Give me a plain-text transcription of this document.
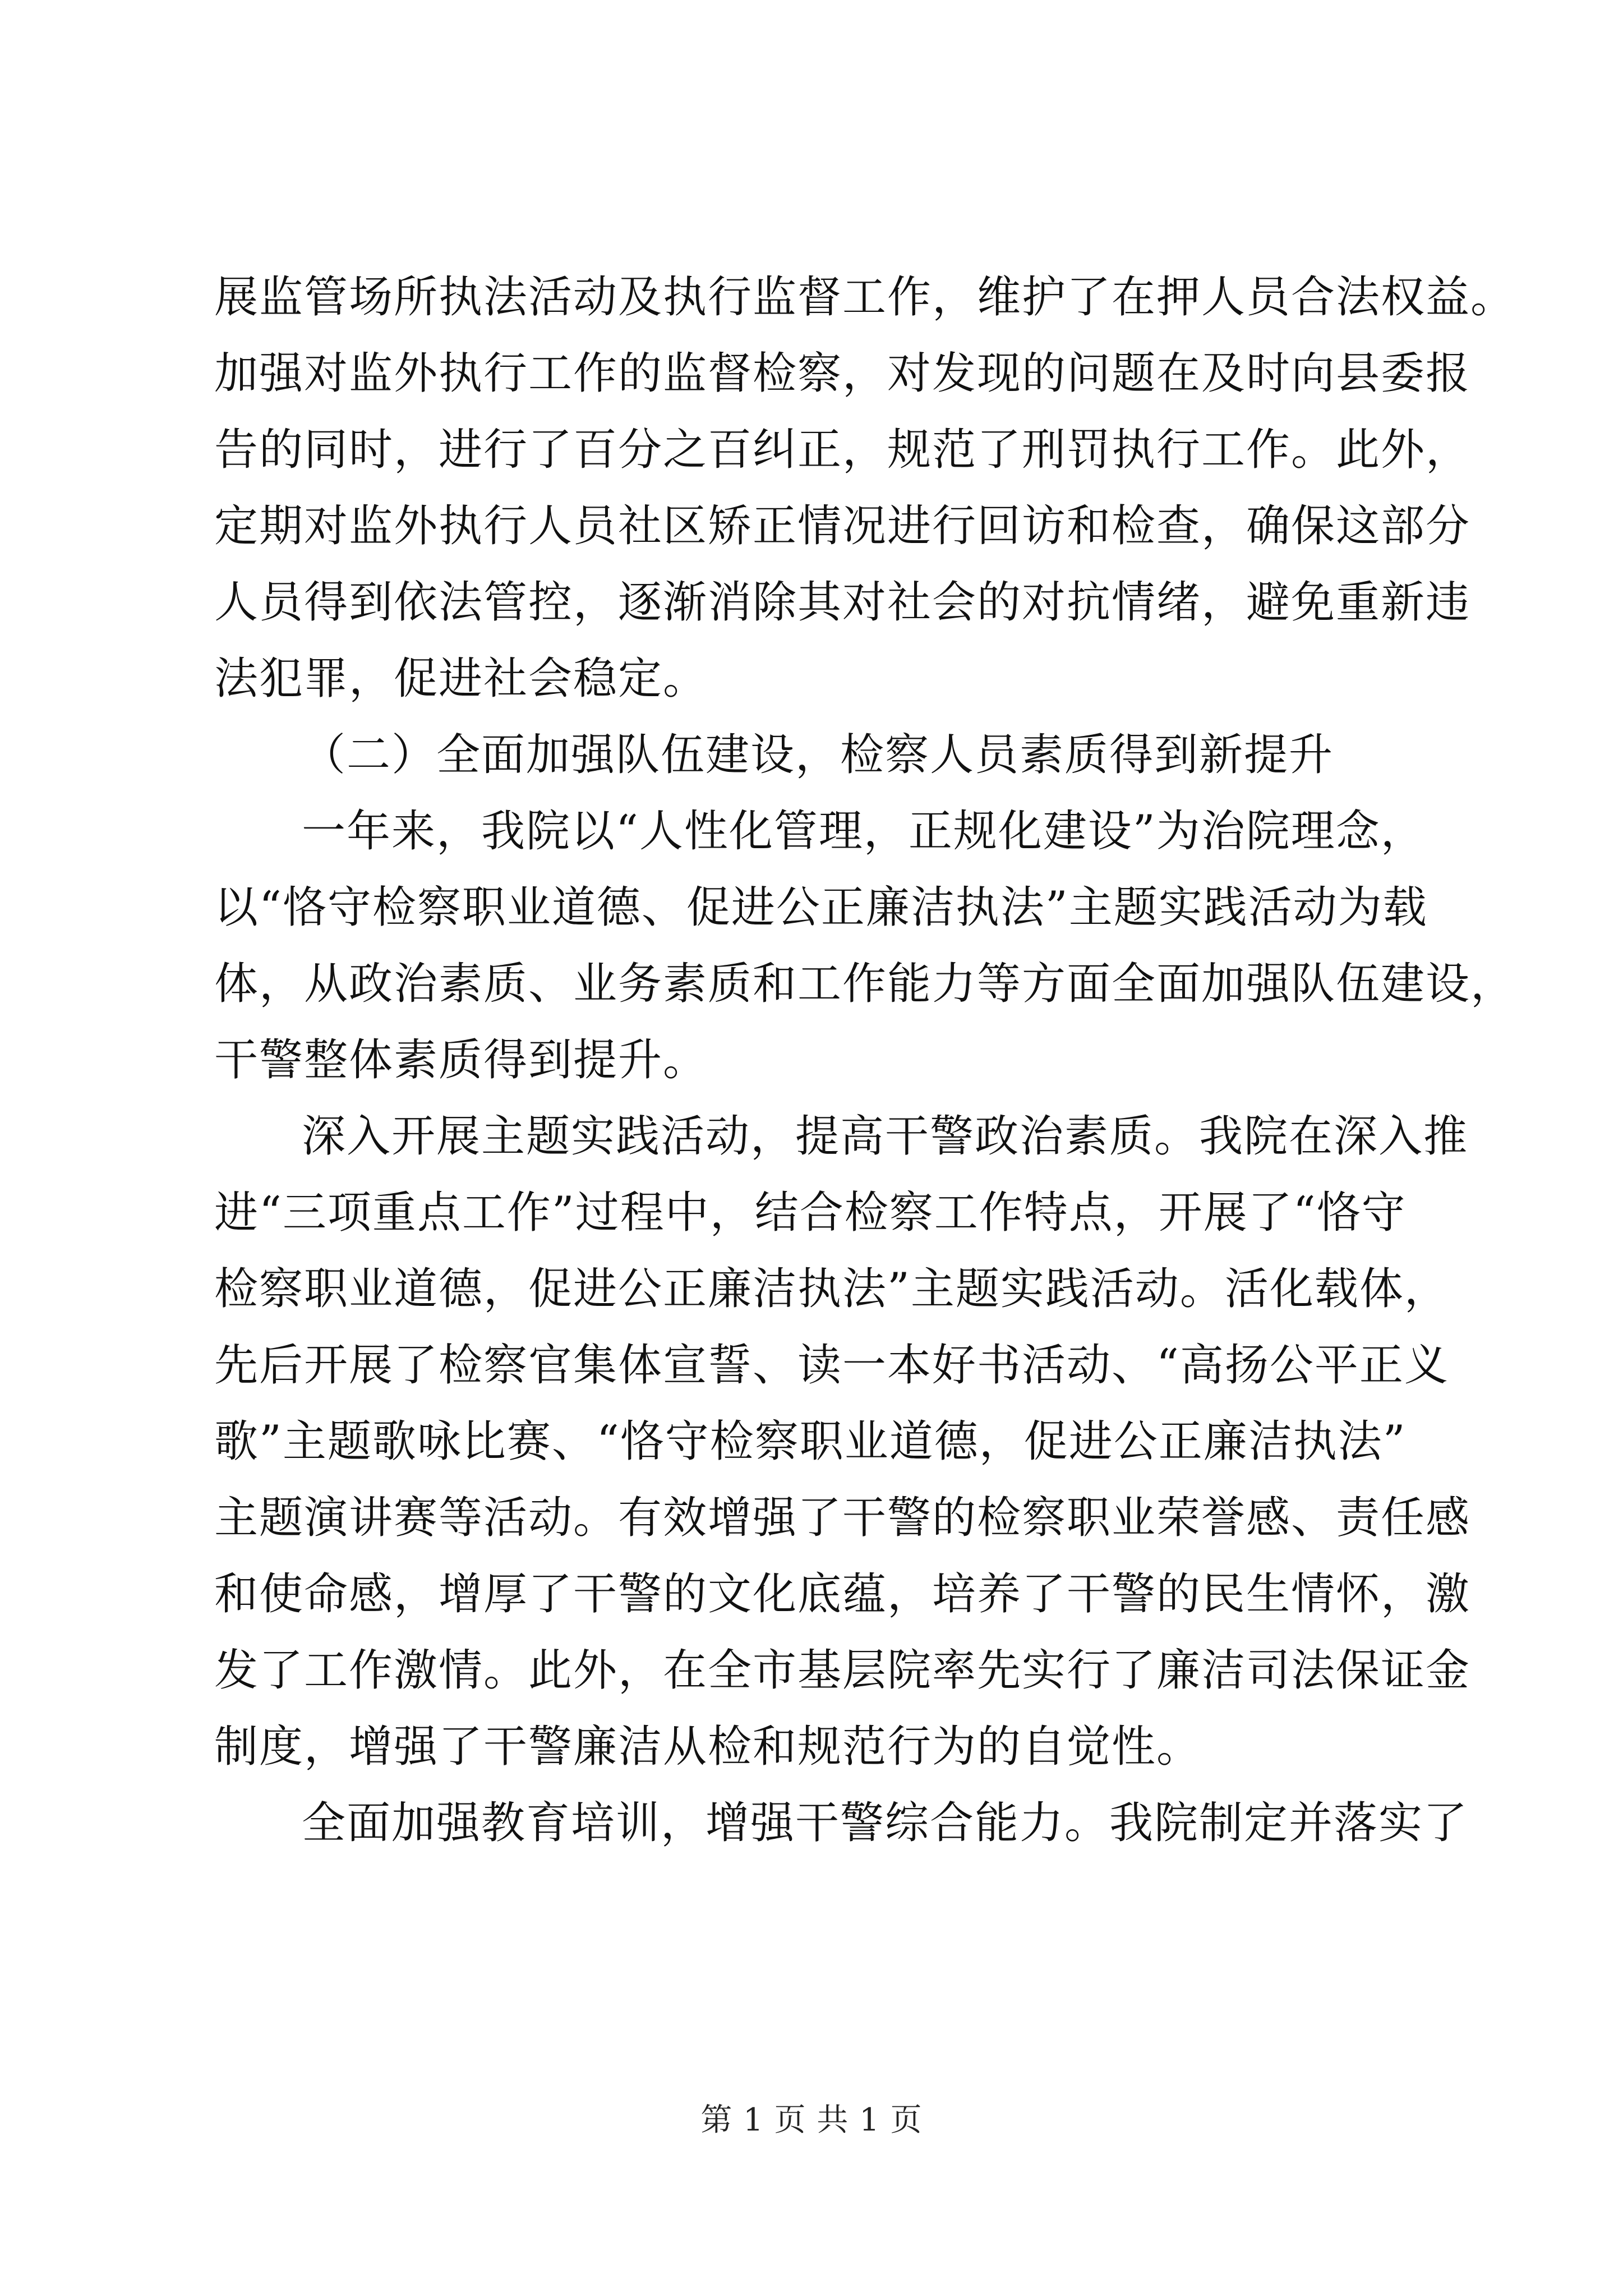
展监管场所执法活动及执行监督工作，维护了在押人员合法权益。
加强对监外执行工作的监督检察，对发现的问题在及时向县委报
告的同时，进行了百分之百纠正，规范了刑罚执行工作。此外，
定期对监外执行人员社区矫正情况进行回访和检查，确保这部分
人员得到依法管控，逐渐消除其对社会的对抗情绪，避免重新违
法犯罪，促进社会稳定。
（二）全面加强队伍建设，检察人员素质得到新提升
一年来，我院以“人性化管理，正规化建设”为治院理念，
以“恪守检察职业道德、促进公正廉洁执法”主题实践活动为载
体，从政治素质、业务素质和工作能力等方面全面加强队伍建设，
干警整体素质得到提升。
深入开展主题实践活动，提高干警政治素质。我院在深入推
进“三项重点工作”过程中，结合检察工作特点，开展了“恪守
检察职业道德，促进公正廉洁执法”主题实践活动。活化载体，
先后开展了检察官集体宣誓、读一本好书活动、“高扬公平正义
歌”主题歌咏比赛、“恪守检察职业道德，促进公正廉洁执法”
主题演讲赛等活动。有效增强了干警的检察职业荣誉感、责任感
和使命感，增厚了干警的文化底蕴，培养了干警的民生情怀，激
发了工作激情。此外，在全市基层院率先实行了廉洁司法保证金
制度，增强了干警廉洁从检和规范行为的自觉性。
全面加强教育培训，增强干警综合能力。我院制定并落实了
第 1 页 共 1 页
